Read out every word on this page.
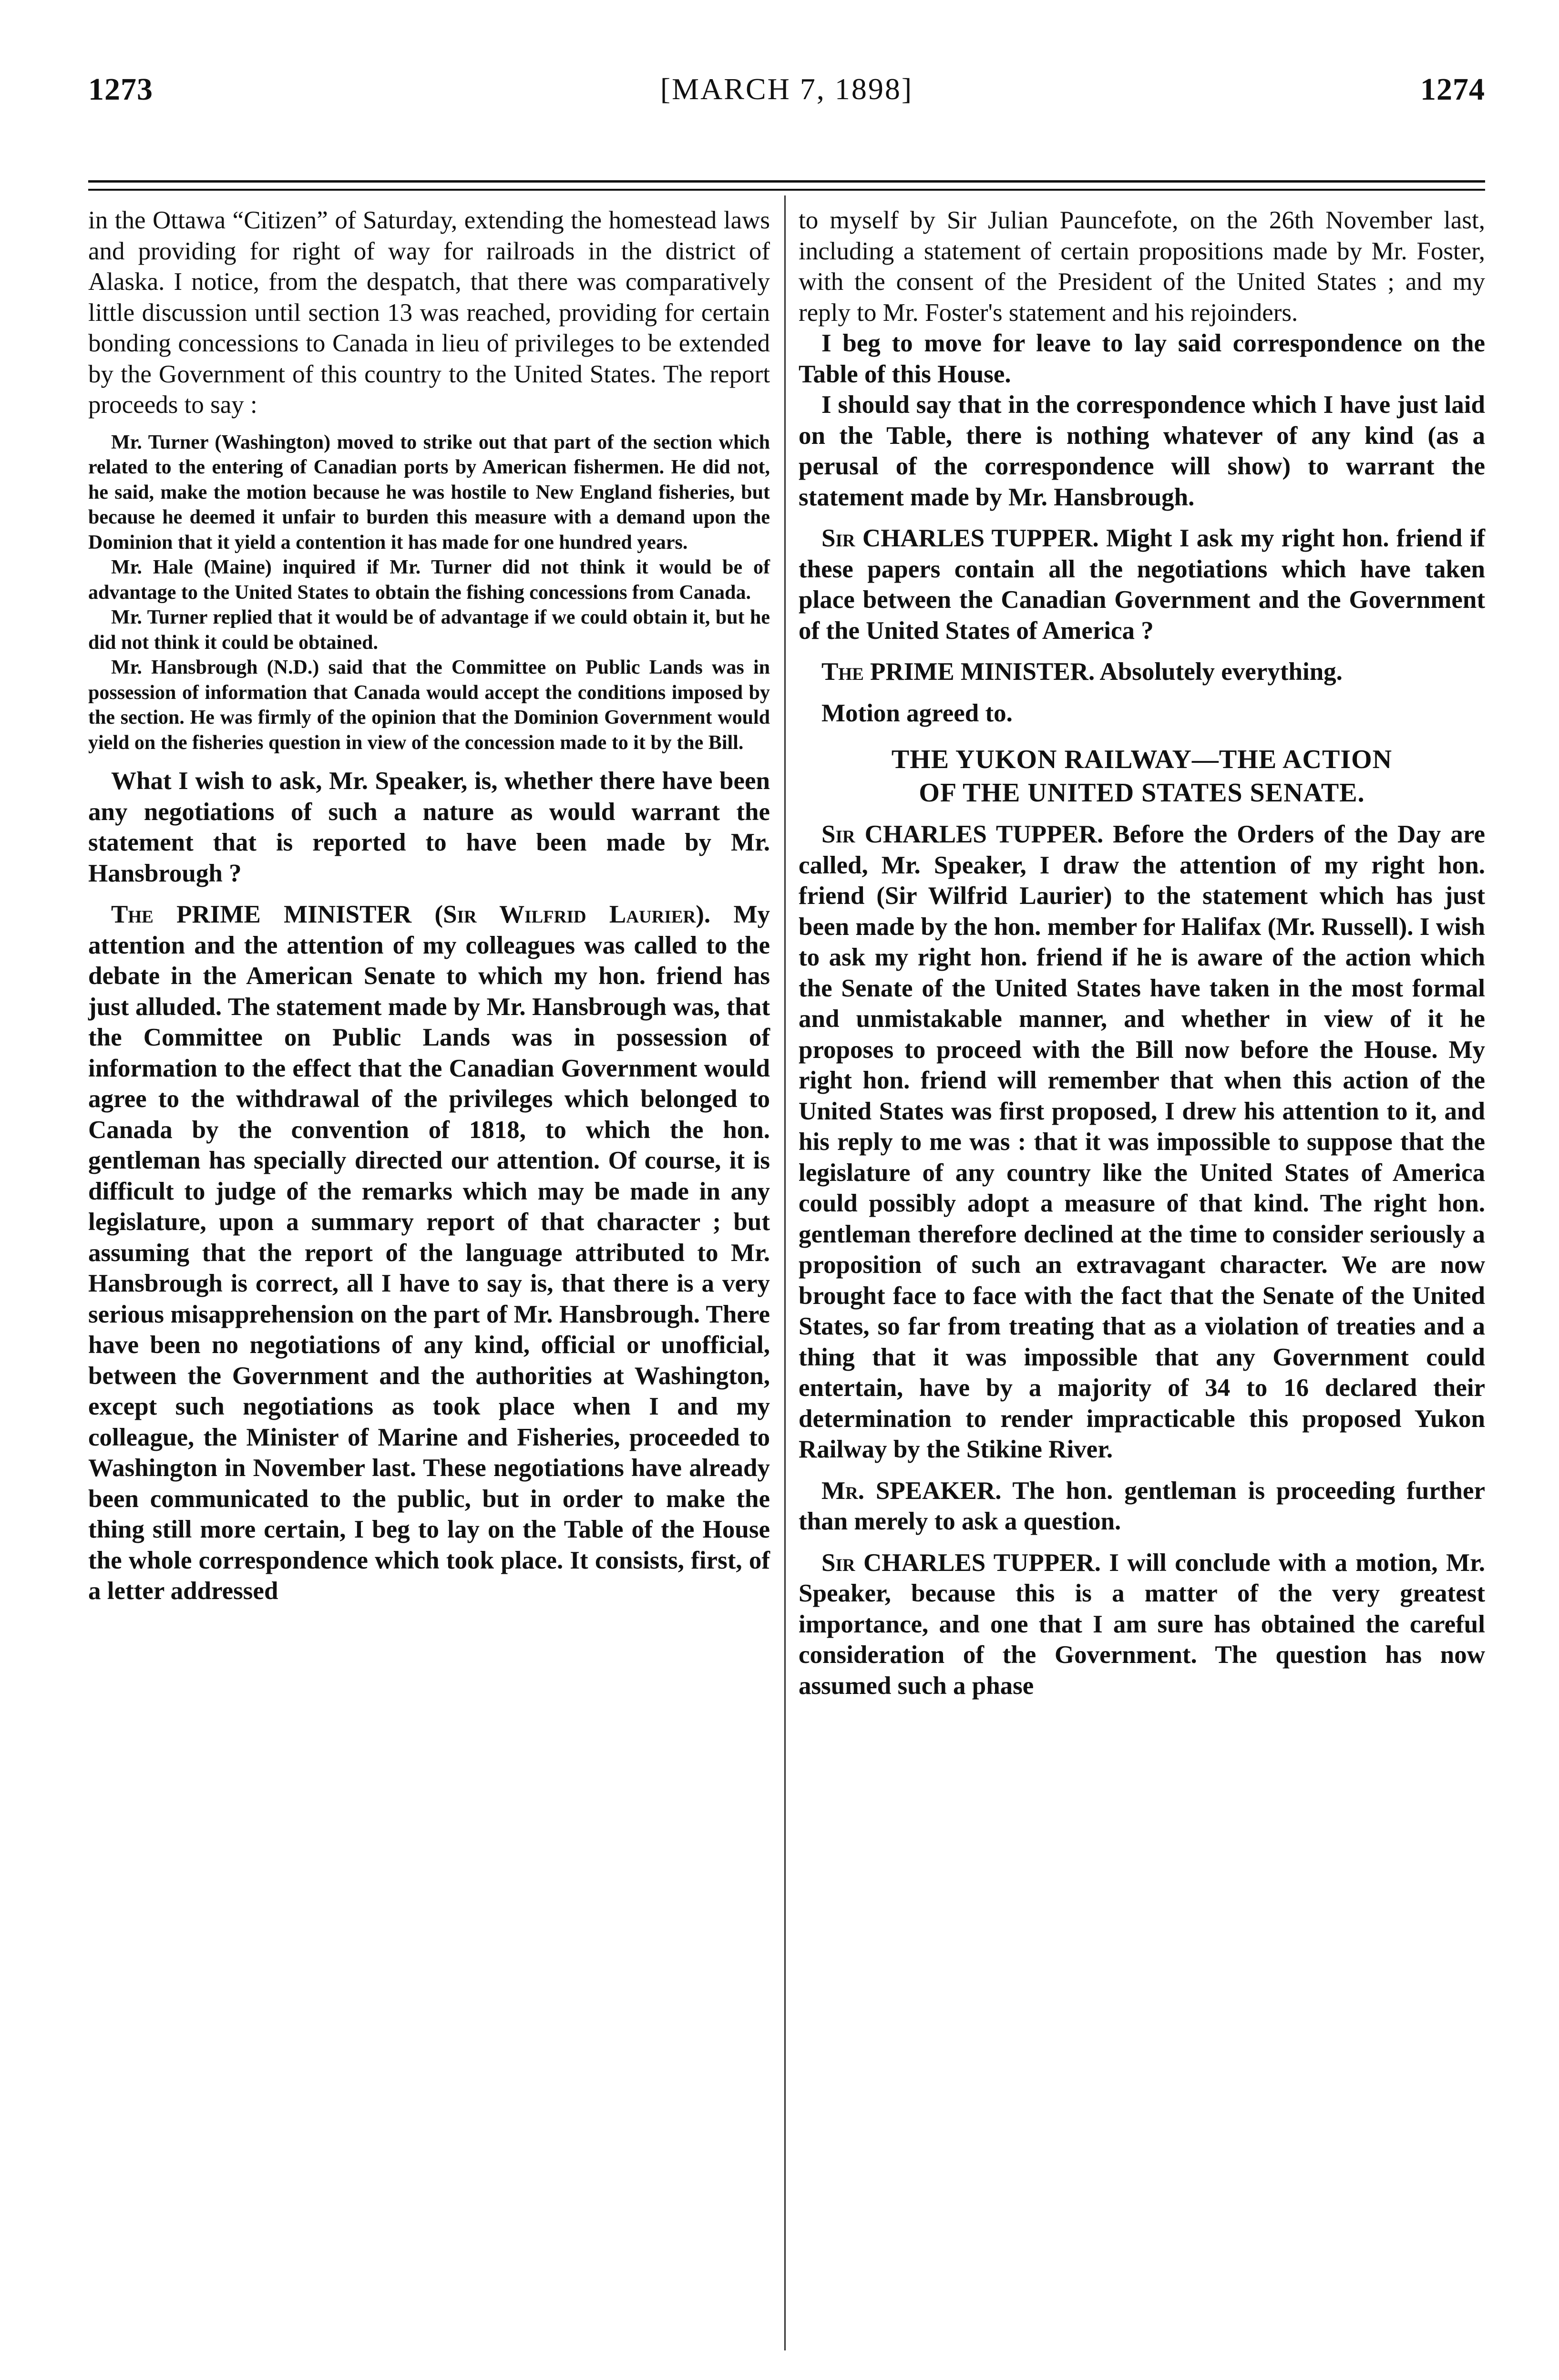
1273	[MARCH 7, 1898]	1274

in the Ottawa “Citizen” of Saturday, extending the homestead laws and providing for right of way for railroads in the district of Alaska. I notice, from the despatch, that there was comparatively little discussion until section 13 was reached, providing for certain bonding concessions to Canada in lieu of privileges to be extended by the Government of this country to the United States. The report proceeds to say :

Mr. Turner (Washington) moved to strike out that part of the section which related to the entering of Canadian ports by American fishermen. He did not, he said, make the motion because he was hostile to New England fisheries, but because he deemed it unfair to burden this measure with a demand upon the Dominion that it yield a contention it has made for one hundred years.

Mr. Hale (Maine) inquired if Mr. Turner did not think it would be of advantage to the United States to obtain the fishing concessions from Canada.

Mr. Turner replied that it would be of advantage if we could obtain it, but he did not think it could be obtained.

Mr. Hansbrough (N.D.) said that the Committee on Public Lands was in possession of information that Canada would accept the conditions imposed by the section. He was firmly of the opinion that the Dominion Government would yield on the fisheries question in view of the concession made to it by the Bill.

What I wish to ask, Mr. Speaker, is, whether there have been any negotiations of such a nature as would warrant the statement that is reported to have been made by Mr. Hansbrough ?

The PRIME MINISTER (Sir Wilfrid Laurier). My attention and the attention of my colleagues was called to the debate in the American Senate to which my hon. friend has just alluded. The statement made by Mr. Hansbrough was, that the Committee on Public Lands was in possession of information to the effect that the Canadian Government would agree to the withdrawal of the privileges which belonged to Canada by the convention of 1818, to which the hon. gentleman has specially directed our attention. Of course, it is difficult to judge of the remarks which may be made in any legislature, upon a summary report of that character ; but assuming that the report of the language attributed to Mr. Hansbrough is correct, all I have to say is, that there is a very serious misapprehension on the part of Mr. Hansbrough. There have been no negotiations of any kind, official or unofficial, between the Government and the authorities at Washington, except such negotiations as took place when I and my colleague, the Minister of Marine and Fisheries, proceeded to Washington in November last. These negotiations have already been communicated to the public, but in order to make the thing still more certain, I beg to lay on the Table of the House the whole correspondence which took place. It consists, first, of a letter addressed

to myself by Sir Julian Pauncefote, on the 26th November last, including a statement of certain propositions made by Mr. Foster, with the consent of the President of the United States ; and my reply to Mr. Foster's statement and his rejoinders.

I beg to move for leave to lay said correspondence on the Table of this House.

I should say that in the correspondence which I have just laid on the Table, there is nothing whatever of any kind (as a perusal of the correspondence will show) to warrant the statement made by Mr. Hansbrough.

Sir CHARLES TUPPER. Might I ask my right hon. friend if these papers contain all the negotiations which have taken place between the Canadian Government and the Government of the United States of America ?

The PRIME MINISTER. Absolutely everything.

Motion agreed to.

THE YUKON RAILWAY—THE ACTION
OF THE UNITED STATES SENATE.

Sir CHARLES TUPPER. Before the Orders of the Day are called, Mr. Speaker, I draw the attention of my right hon. friend (Sir Wilfrid Laurier) to the statement which has just been made by the hon. member for Halifax (Mr. Russell). I wish to ask my right hon. friend if he is aware of the action which the Senate of the United States have taken in the most formal and unmistakable manner, and whether in view of it he proposes to proceed with the Bill now before the House. My right hon. friend will remember that when this action of the United States was first proposed, I drew his attention to it, and his reply to me was : that it was impossible to suppose that the legislature of any country like the United States of America could possibly adopt a measure of that kind. The right hon. gentleman therefore declined at the time to consider seriously a proposition of such an extravagant character. We are now brought face to face with the fact that the Senate of the United States, so far from treating that as a violation of treaties and a thing that it was impossible that any Government could entertain, have by a majority of 34 to 16 declared their determination to render impracticable this proposed Yukon Railway by the Stikine River.

Mr. SPEAKER. The hon. gentleman is proceeding further than merely to ask a question.

Sir CHARLES TUPPER. I will conclude with a motion, Mr. Speaker, because this is a matter of the very greatest importance, and one that I am sure has obtained the careful consideration of the Government. The question has now assumed such a phase
